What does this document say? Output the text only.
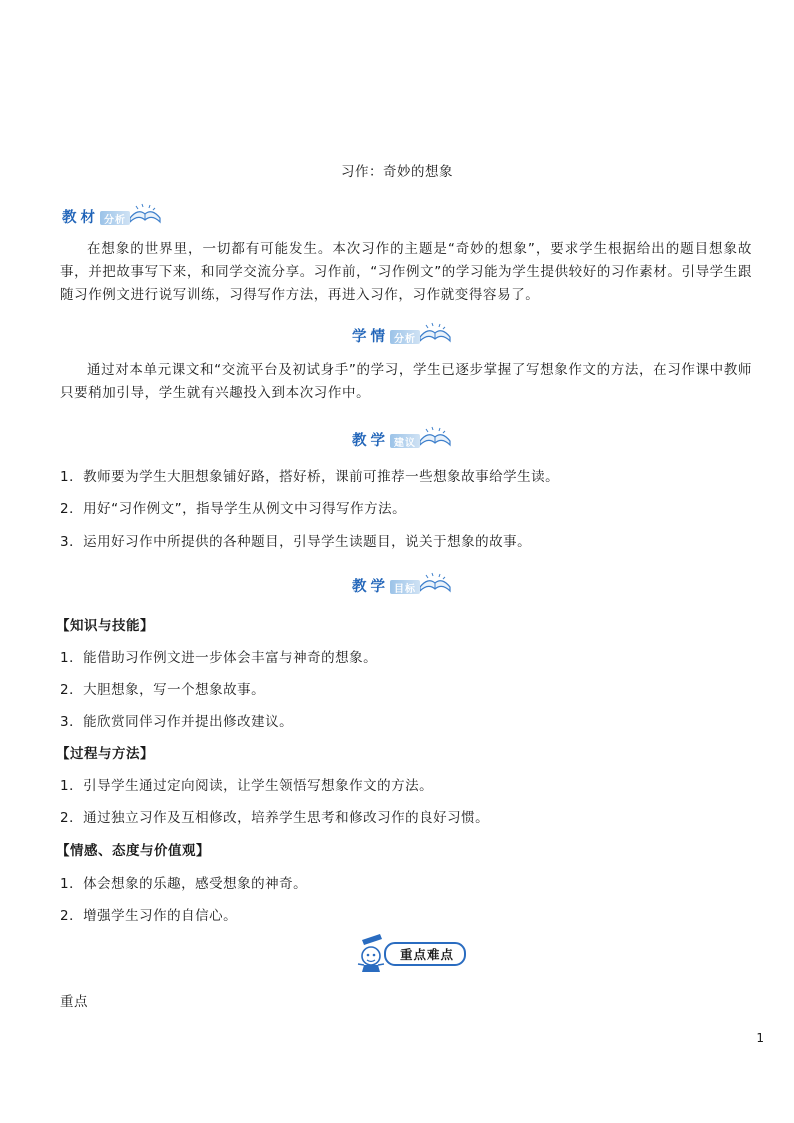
习作：奇妙的想象
教材 分析
在想象的世界里，一切都有可能发生。本次习作的主题是“奇妙的想象”，要求学生根据给出的题目想象故事，并把故事写下来，和同学交流分享。习作前，“习作例文”的学习能为学生提供较好的习作素材。引导学生跟随习作例文进行说写训练，习得写作方法，再进入习作，习作就变得容易了。
学情 分析
通过对本单元课文和“交流平台及初试身手”的学习，学生已逐步掌握了写想象作文的方法，在习作课中教师只要稍加引导，学生就有兴趣投入到本次习作中。
教学 建议
1．教师要为学生大胆想象铺好路，搭好桥，课前可推荐一些想象故事给学生读。
2．用好“习作例文”，指导学生从例文中习得写作方法。
3．运用好习作中所提供的各种题目，引导学生读题目，说关于想象的故事。
教学 目标
【知识与技能】
1．能借助习作例文进一步体会丰富与神奇的想象。
2．大胆想象，写一个想象故事。
3．能欣赏同伴习作并提出修改建议。
【过程与方法】
1．引导学生通过定向阅读，让学生领悟写想象作文的方法。
2．通过独立习作及互相修改，培养学生思考和修改习作的良好习惯。
【情感、态度与价值观】
1．体会想象的乐趣，感受想象的神奇。
2．增强学生习作的自信心。
重点难点
重点
1
